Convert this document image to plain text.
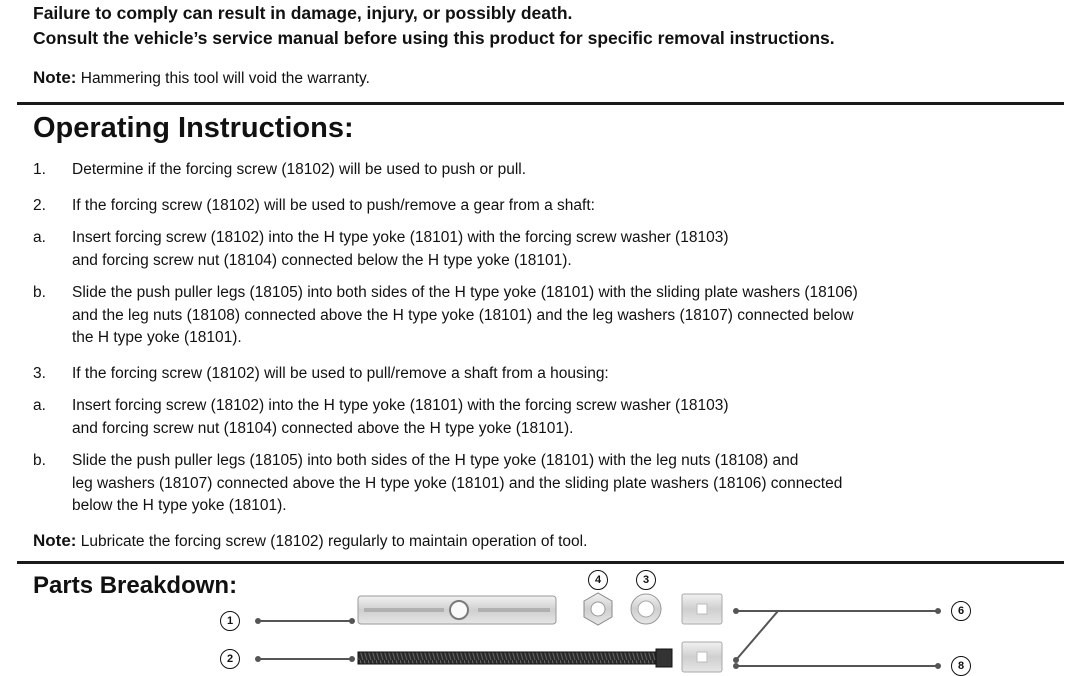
Failure to comply can result in damage, injury, or possibly death.
Consult the vehicle’s service manual before using this product for specific removal instructions.
Note: Hammering this tool will void the warranty.
Operating Instructions:
1. Determine if the forcing screw (18102) will be used to push or pull.
2. If the forcing screw (18102) will be used to push/remove a gear from a shaft:
a. Insert forcing screw (18102) into the H type yoke (18101) with the forcing screw washer (18103)
and forcing screw nut (18104) connected below the H type yoke (18101).
b. Slide the push puller legs (18105) into both sides of the H type yoke (18101) with the sliding plate washers (18106)
and the leg nuts (18108) connected above the H type yoke (18101) and the leg washers (18107) connected below
the H type yoke (18101).
3. If the forcing screw (18102) will be used to pull/remove a shaft from a housing:
a. Insert forcing screw (18102) into the H type yoke (18101) with the forcing screw washer (18103)
and forcing screw nut (18104) connected above the H type yoke (18101).
b. Slide the push puller legs (18105) into both sides of the H type yoke (18101) with the leg nuts (18108) and
leg washers (18107) connected above the H type yoke (18101) and the sliding plate washers (18106) connected
below the H type yoke (18101).
Note: Lubricate the forcing screw (18102) regularly to maintain operation of tool.
Parts Breakdown:
1
2
4	3
6
8
